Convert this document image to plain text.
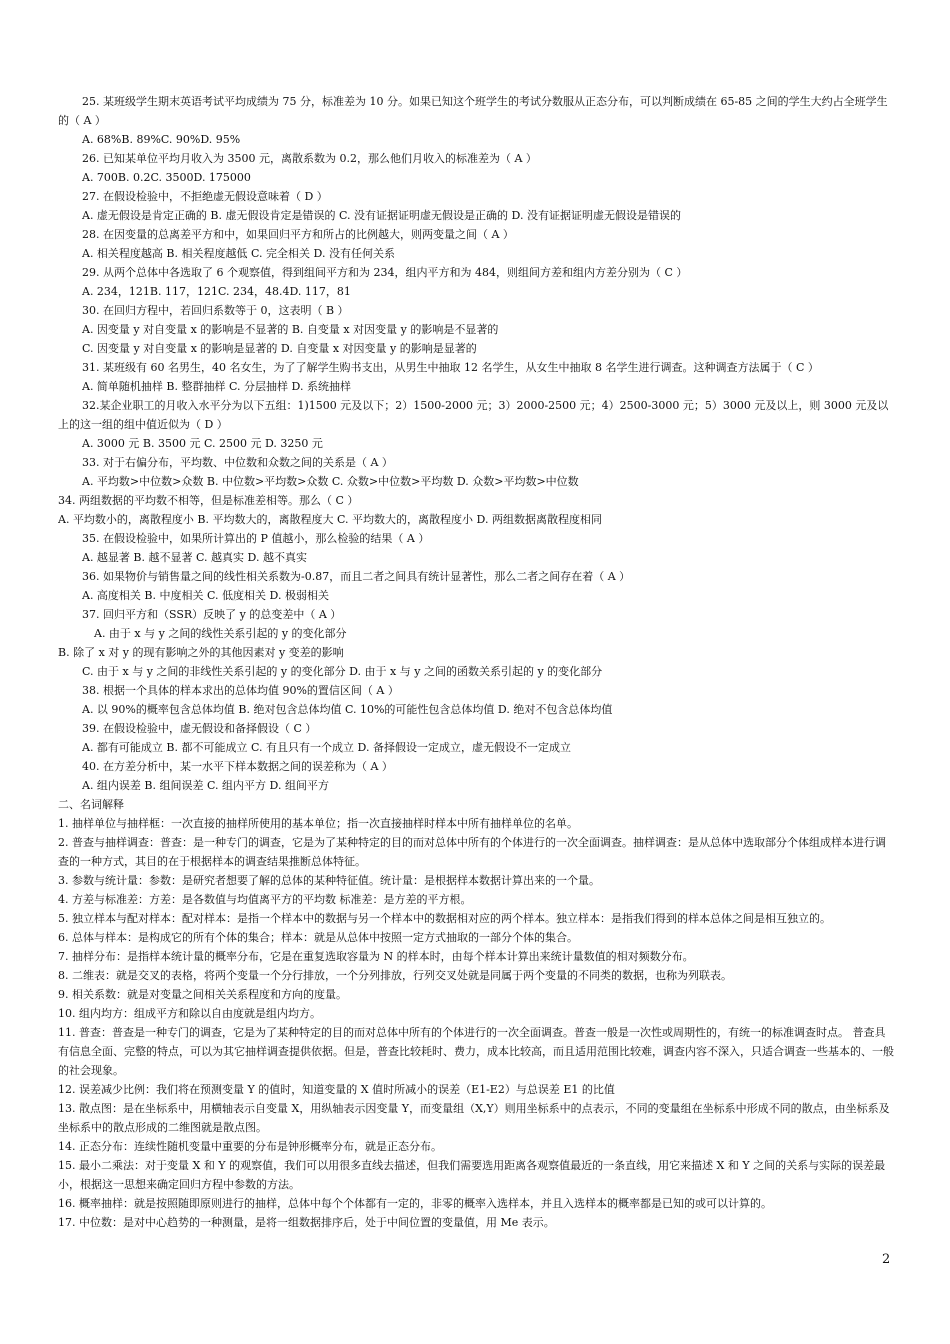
25. 某班级学生期末英语考试平均成绩为 75 分，标准差为 10 分。如果已知这个班学生的考试分数服从正态分布，可以判断成绩在 65-85 之间的学生大约占全班学生的（ A ）
A. 68%B. 89%C. 90%D. 95%
26. 已知某单位平均月收入为 3500 元，离散系数为 0.2，那么他们月收入的标准差为（ A ）
A. 700B. 0.2C. 3500D. 175000
27. 在假设检验中，不拒绝虚无假设意味着（ D ）
A. 虚无假设是肯定正确的 B. 虚无假设肯定是错误的 C. 没有证据证明虚无假设是正确的 D. 没有证据证明虚无假设是错误的
28. 在因变量的总离差平方和中，如果回归平方和所占的比例越大，则两变量之间（ A ）
A. 相关程度越高 B. 相关程度越低 C. 完全相关 D. 没有任何关系
29. 从两个总体中各选取了 6 个观察值，得到组间平方和为 234，组内平方和为 484，则组间方差和组内方差分别为（ C ）
A. 234，121B. 117，121C. 234，48.4D. 117，81
30. 在回归方程中，若回归系数等于 0，这表明（ B ）
A. 因变量 y 对自变量 x 的影响是不显著的 B. 自变量 x 对因变量 y 的影响是不显著的
C. 因变量 y 对自变量 x 的影响是显著的 D. 自变量 x 对因变量 y 的影响是显著的
31. 某班级有 60 名男生，40 名女生，为了了解学生购书支出，从男生中抽取 12 名学生，从女生中抽取 8 名学生进行调查。这种调查方法属于（ C ）
A. 简单随机抽样 B. 整群抽样 C. 分层抽样 D. 系统抽样
32.某企业职工的月收入水平分为以下五组：1)1500 元及以下；2）1500-2000 元；3）2000-2500 元；4）2500-3000 元；5）3000 元及以上，则 3000 元及以上的这一组的组中值近似为（ D ）
A. 3000 元 B. 3500 元 C. 2500 元 D. 3250 元
33. 对于右偏分布，平均数、中位数和众数之间的关系是（ A ）
A. 平均数>中位数>众数 B. 中位数>平均数>众数 C. 众数>中位数>平均数 D. 众数>平均数>中位数
34. 两组数据的平均数不相等，但是标准差相等。那么（ C ）
A. 平均数小的，离散程度小 B. 平均数大的，离散程度大 C. 平均数大的，离散程度小 D. 两组数据离散程度相同
35. 在假设检验中，如果所计算出的 P 值越小，那么检验的结果（ A ）
A. 越显著 B. 越不显著 C. 越真实 D. 越不真实
36. 如果物价与销售量之间的线性相关系数为-0.87，而且二者之间具有统计显著性，那么二者之间存在着（ A ）
A. 高度相关 B. 中度相关 C. 低度相关 D. 极弱相关
37. 回归平方和（SSR）反映了 y 的总变差中（ A ）
A. 由于 x 与 y 之间的线性关系引起的 y 的变化部分
B. 除了 x 对 y 的现有影响之外的其他因素对 y 变差的影响
C. 由于 x 与 y 之间的非线性关系引起的 y 的变化部分 D. 由于 x 与 y 之间的函数关系引起的 y 的变化部分
38. 根据一个具体的样本求出的总体均值 90%的置信区间（ A ）
A. 以 90%的概率包含总体均值 B. 绝对包含总体均值 C. 10%的可能性包含总体均值 D. 绝对不包含总体均值
39. 在假设检验中，虚无假设和备择假设（ C ）
A. 都有可能成立 B. 都不可能成立 C. 有且只有一个成立 D. 备择假设一定成立，虚无假设不一定成立
40. 在方差分析中，某一水平下样本数据之间的误差称为（ A ）
A. 组内误差 B. 组间误差 C. 组内平方 D. 组间平方
二、名词解释
1. 抽样单位与抽样框：一次直接的抽样所使用的基本单位；指一次直接抽样时样本中所有抽样单位的名单。
2. 普查与抽样调查：普查：是一种专门的调查，它是为了某种特定的目的而对总体中所有的个体进行的一次全面调查。抽样调查：是从总体中选取部分个体组成样本进行调查的一种方式，其目的在于根据样本的调查结果推断总体特征。
3. 参数与统计量：参数：是研究者想要了解的总体的某种特征值。统计量：是根据样本数据计算出来的一个量。
4. 方差与标准差：方差：是各数值与均值离平方的平均数 标准差：是方差的平方根。
5. 独立样本与配对样本：配对样本：是指一个样本中的数据与另一个样本中的数据相对应的两个样本。独立样本：是指我们得到的样本总体之间是相互独立的。
6. 总体与样本：是构成它的所有个体的集合；样本：就是从总体中按照一定方式抽取的一部分个体的集合。
7. 抽样分布：是指样本统计量的概率分布，它是在重复选取容量为 N 的样本时，由每个样本计算出来统计量数值的相对频数分布。
8. 二维表：就是交叉的表格，将两个变量一个分行排放，一个分列排放，行列交叉处就是同属于两个变量的不同类的数据，也称为列联表。
9. 相关系数：就是对变量之间相关关系程度和方向的度量。
10. 组内均方：组成平方和除以自由度就是组内均方。
11. 普查：普查是一种专门的调查，它是为了某种特定的目的而对总体中所有的个体进行的一次全面调查。普查一般是一次性或周期性的，有统一的标准调查时点。 普查具有信息全面、完整的特点，可以为其它抽样调查提供依据。但是，普查比较耗时、费力，成本比较高，而且适用范围比较难，调查内容不深入，只适合调查一些基本的、一般的社会现象。
12. 误差减少比例：我们将在预测变量 Y 的值时，知道变量的 X 值时所减小的误差（E1-E2）与总误差 E1 的比值
13. 散点图：是在坐标系中，用横轴表示自变量 X，用纵轴表示因变量 Y，而变量组（X,Y）则用坐标系中的点表示，不同的变量组在坐标系中形成不同的散点，由坐标系及坐标系中的散点形成的二维图就是散点图。
14. 正态分布：连续性随机变量中重要的分布是钟形概率分布，就是正态分布。
15. 最小二乘法：对于变量 X 和 Y 的观察值，我们可以用很多直线去描述，但我们需要选用距离各观察值最近的一条直线，用它来描述 X 和 Y 之间的关系与实际的误差最小，根据这一思想来确定回归方程中参数的方法。
16. 概率抽样：就是按照随即原则进行的抽样，总体中每个个体都有一定的，非零的概率入选样本，并且入选样本的概率都是已知的或可以计算的。
17. 中位数：是对中心趋势的一种测量，是将一组数据排序后，处于中间位置的变量值，用 Me 表示。
2
